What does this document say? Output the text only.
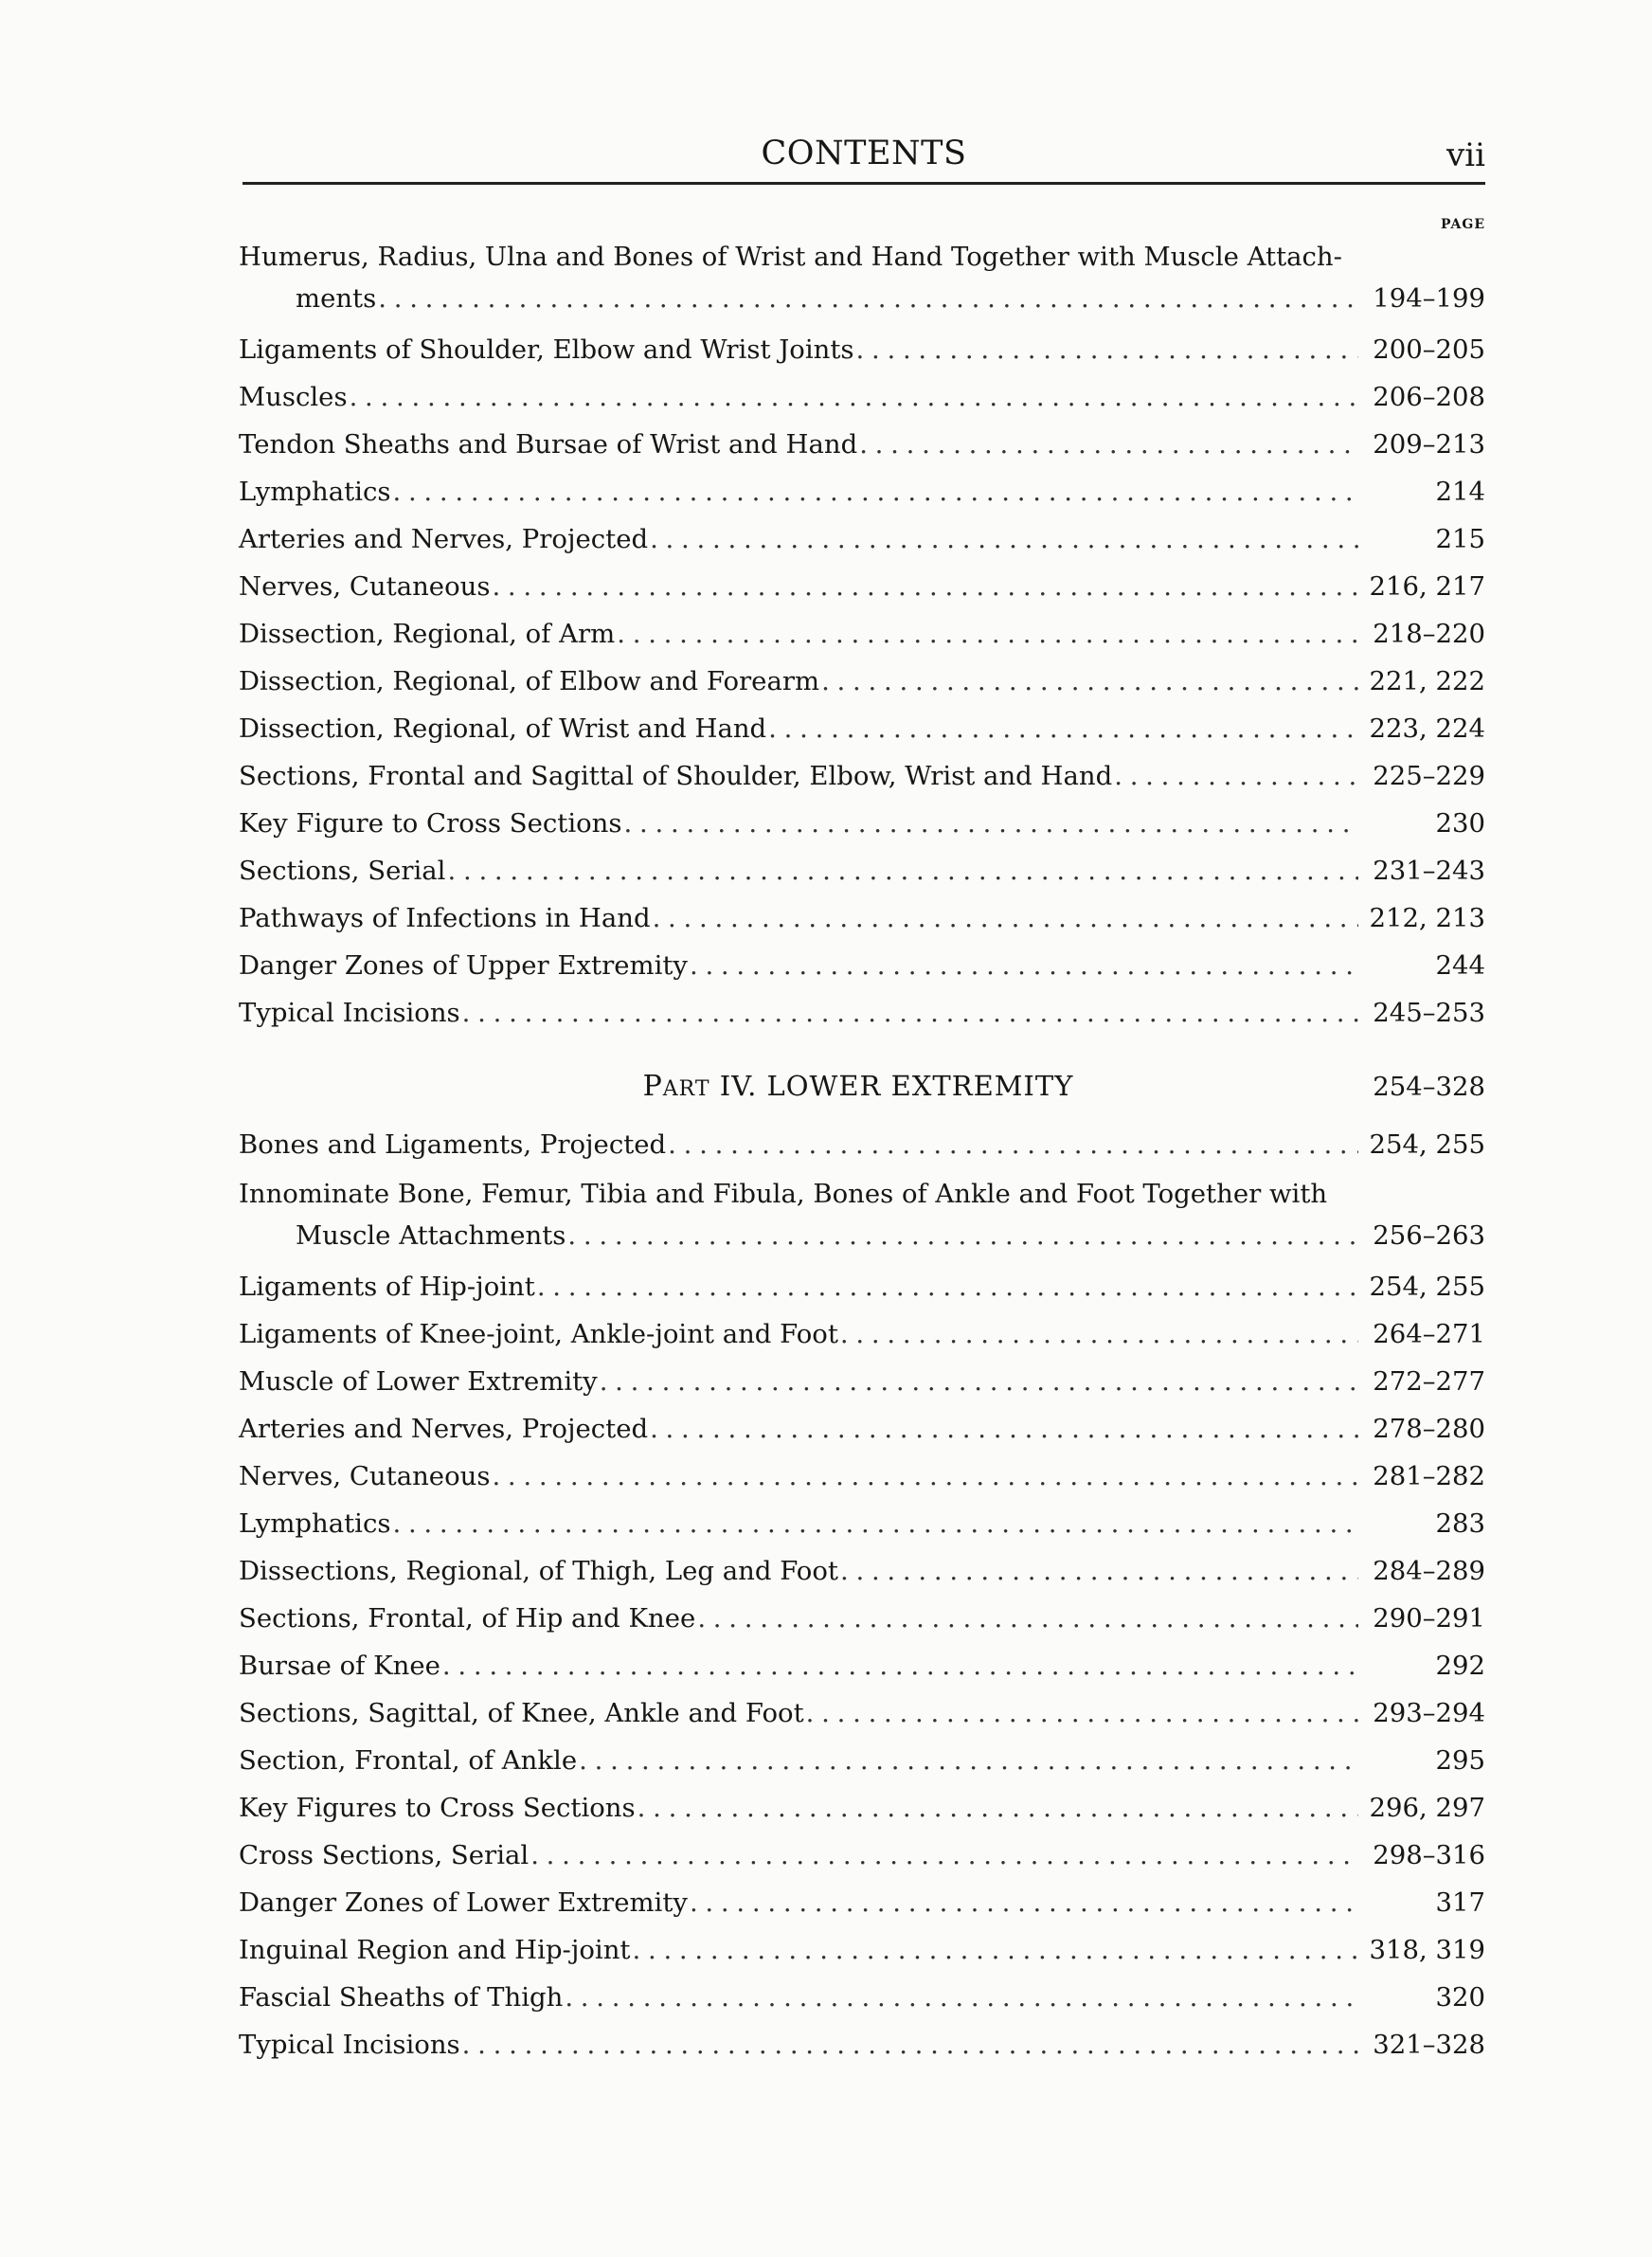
CONTENTS	vii
PAGE
Humerus, Radius, Ulna and Bones of Wrist and Hand Together with Muscle Attach-
ments . . .	194–199
Ligaments of Shoulder, Elbow and Wrist Joints . . .	200–205
Muscles . . .	206–208
Tendon Sheaths and Bursae of Wrist and Hand . . .	209–213
Lymphatics . . .	214
Arteries and Nerves, Projected . . .	215
Nerves, Cutaneous . . .	216, 217
Dissection, Regional, of Arm . . .	218–220
Dissection, Regional, of Elbow and Forearm . . .	221, 222
Dissection, Regional, of Wrist and Hand . . .	223, 224
Sections, Frontal and Sagittal of Shoulder, Elbow, Wrist and Hand . . .	225–229
Key Figure to Cross Sections . . .	230
Sections, Serial . . .	231–243
Pathways of Infections in Hand . . .	212, 213
Danger Zones of Upper Extremity . . .	244
Typical Incisions . . .	245–253
PART IV. LOWER EXTREMITY	254–328
Bones and Ligaments, Projected . . .	254, 255
Innominate Bone, Femur, Tibia and Fibula, Bones of Ankle and Foot Together with
Muscle Attachments . . .	256–263
Ligaments of Hip-joint . . .	254, 255
Ligaments of Knee-joint, Ankle-joint and Foot . . .	264–271
Muscle of Lower Extremity . . .	272–277
Arteries and Nerves, Projected . . .	278–280
Nerves, Cutaneous . . .	281–282
Lymphatics . . .	283
Dissections, Regional, of Thigh, Leg and Foot . . .	284–289
Sections, Frontal, of Hip and Knee . . .	290–291
Bursae of Knee . . .	292
Sections, Sagittal, of Knee, Ankle and Foot . . .	293–294
Section, Frontal, of Ankle . . .	295
Key Figures to Cross Sections . . .	296, 297
Cross Sections, Serial . . .	298–316
Danger Zones of Lower Extremity . . .	317
Inguinal Region and Hip-joint . . .	318, 319
Fascial Sheaths of Thigh . . .	320
Typical Incisions . . .	321–328
